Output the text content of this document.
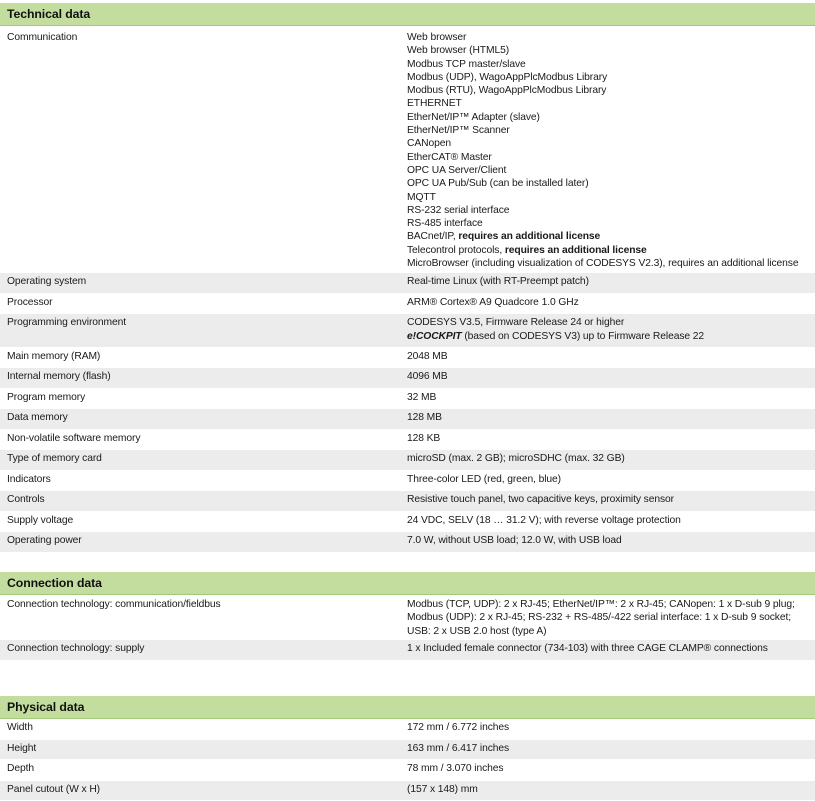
Technical data
Communication	Web browser
Web browser (HTML5)
Modbus TCP master/slave
Modbus (UDP), WagoAppPlcModbus Library
Modbus (RTU), WagoAppPlcModbus Library
ETHERNET
EtherNet/IP™ Adapter (slave)
EtherNet/IP™ Scanner
CANopen
EtherCAT® Master
OPC UA Server/Client
OPC UA Pub/Sub (can be installed later)
MQTT
RS-232 serial interface
RS-485 interface
BACnet/IP, requires an additional license
Telecontrol protocols, requires an additional license
MicroBrowser (including visualization of CODESYS V2.3), requires an additional license
Operating system	Real-time Linux (with RT-Preempt patch)
Processor	ARM® Cortex® A9 Quadcore 1.0 GHz
Programming environment	CODESYS V3.5, Firmware Release 24 or higher
e!COCKPIT (based on CODESYS V3) up to Firmware Release 22
Main memory (RAM)	2048 MB
Internal memory (flash)	4096 MB
Program memory	32 MB
Data memory	128 MB
Non-volatile software memory	128 KB
Type of memory card	microSD (max. 2 GB); microSDHC (max. 32 GB)
Indicators	Three-color LED (red, green, blue)
Controls	Resistive touch panel, two capacitive keys, proximity sensor
Supply voltage	24 VDC, SELV (18 … 31.2 V); with reverse voltage protection
Operating power	7.0 W, without USB load; 12.0 W, with USB load
Connection data
Connection technology: communication/fieldbus	Modbus (TCP, UDP): 2 x RJ-45; EtherNet/IP™: 2 x RJ-45; CANopen: 1 x D-sub 9 plug;
Modbus (UDP): 2 x RJ-45; RS-232 + RS-485/-422 serial interface: 1 x D-sub 9 socket;
USB: 2 x USB 2.0 host (type A)
Connection technology: supply	1 x Included female connector (734-103) with three CAGE CLAMP® connections
Physical data
Width	172 mm / 6.772 inches
Height	163 mm / 6.417 inches
Depth	78 mm / 3.070 inches
Panel cutout (W x H)	(157 x 148) mm
